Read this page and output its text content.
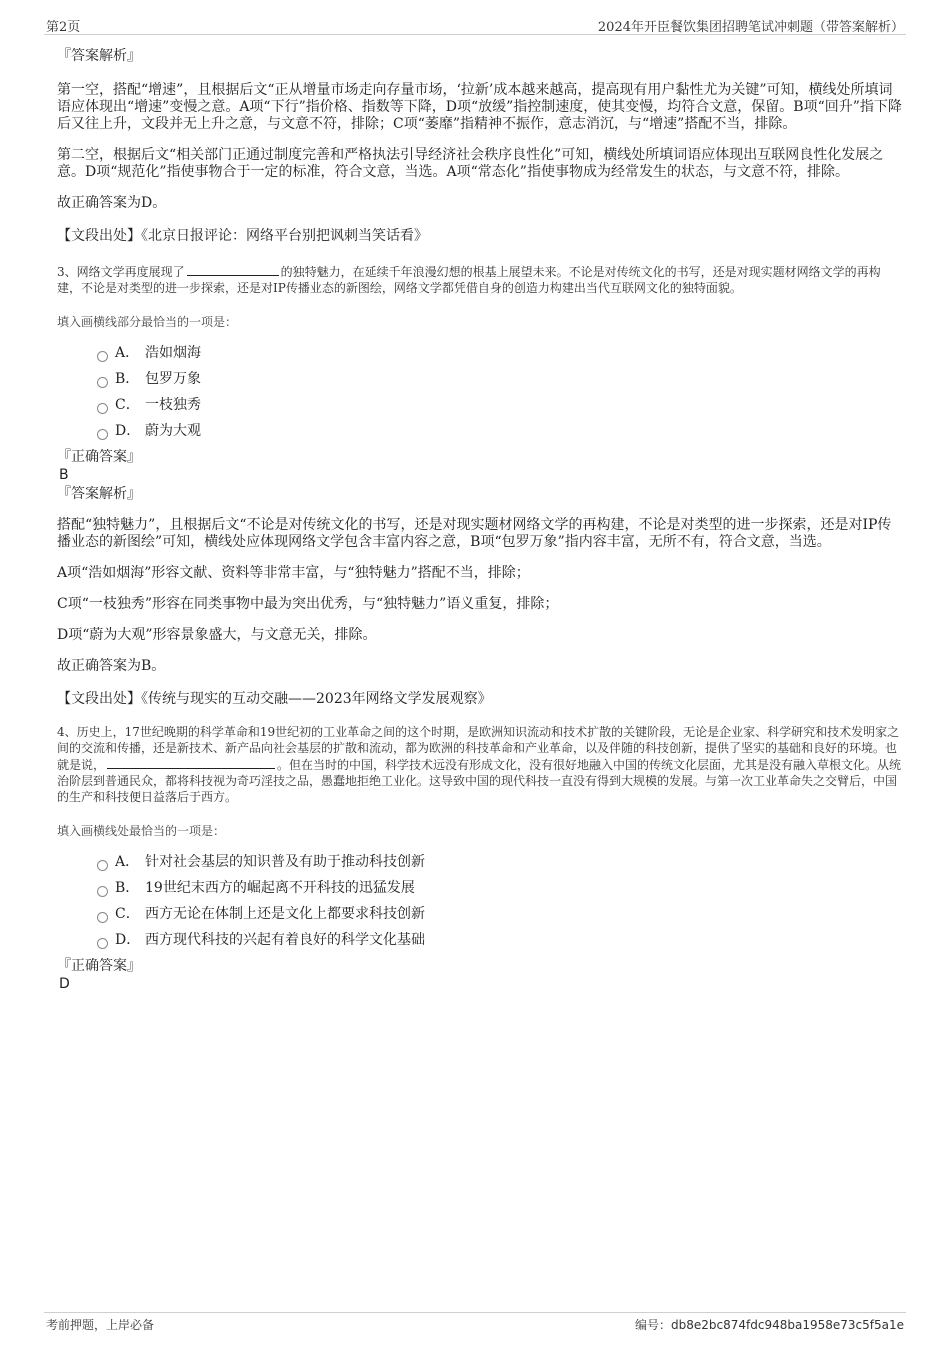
第2页	2024年开臣餐饮集团招聘笔试冲刺题（带答案解析）

『答案解析』

第一空，搭配“增速”，且根据后文“正从增量市场走向存量市场，‘拉新’成本越来越高，提高现有用户黏性尤为关键”可知，横线处所填词语应体现出“增速”变慢之意。A项“下行”指价格、指数等下降，D项“放缓”指控制速度，使其变慢，均符合文意，保留。B项“回升”指下降后又往上升，文段并无上升之意，与文意不符，排除；C项“萎靡”指精神不振作，意志消沉，与“增速”搭配不当，排除。

第二空，根据后文“相关部门正通过制度完善和严格执法引导经济社会秩序良性化”可知，横线处所填词语应体现出互联网良性化发展之意。D项“规范化”指使事物合于一定的标准，符合文意，当选。A项“常态化”指使事物成为经常发生的状态，与文意不符，排除。

故正确答案为D。

【文段出处】《北京日报评论：网络平台别把讽刺当笑话看》

3、网络文学再度展现了	的独特魅力，在延续千年浪漫幻想的根基上展望未来。不论是对传统文化的书写，还是对现实题材网络文学的再构建，不论是对类型的进一步探索，还是对IP传播业态的新图绘，网络文学都凭借自身的创造力构建出当代互联网文化的独特面貌。

填入画横线部分最恰当的一项是：

A． 浩如烟海
B． 包罗万象
C． 一枝独秀
D． 蔚为大观

『正确答案』

B

『答案解析』

搭配“独特魅力”，且根据后文“不论是对传统文化的书写，还是对现实题材网络文学的再构建，不论是对类型的进一步探索，还是对IP传播业态的新图绘”可知，横线处应体现网络文学包含丰富内容之意，B项“包罗万象”指内容丰富，无所不有，符合文意，当选。

A项“浩如烟海”形容文献、资料等非常丰富，与“独特魅力”搭配不当，排除；

C项“一枝独秀”形容在同类事物中最为突出优秀，与“独特魅力”语义重复，排除；

D项“蔚为大观”形容景象盛大，与文意无关，排除。

故正确答案为B。

【文段出处】《传统与现实的互动交融——2023年网络文学发展观察》

4、历史上，17世纪晚期的科学革命和19世纪初的工业革命之间的这个时期，是欧洲知识流动和技术扩散的关键阶段，无论是企业家、科学研究和技术发明家之间的交流和传播，还是新技术、新产品向社会基层的扩散和流动，都为欧洲的科技革命和产业革命，以及伴随的科技创新，提供了坚实的基础和良好的环境。也就是说，	。但在当时的中国，科学技术远没有形成文化，没有很好地融入中国的传统文化层面，尤其是没有融入草根文化。从统治阶层到普通民众，都将科技视为奇巧淫技之品，愚蠢地拒绝工业化。这导致中国的现代科技一直没有得到大规模的发展。与第一次工业革命失之交臂后，中国的生产和科技便日益落后于西方。

填入画横线处最恰当的一项是：

A． 针对社会基层的知识普及有助于推动科技创新
B． 19世纪末西方的崛起离不开科技的迅猛发展
C． 西方无论在体制上还是文化上都要求科技创新
D． 西方现代科技的兴起有着良好的科学文化基础

『正确答案』

D

考前押题，上岸必备	编号：db8e2bc874fdc948ba1958e73c5f5a1e
